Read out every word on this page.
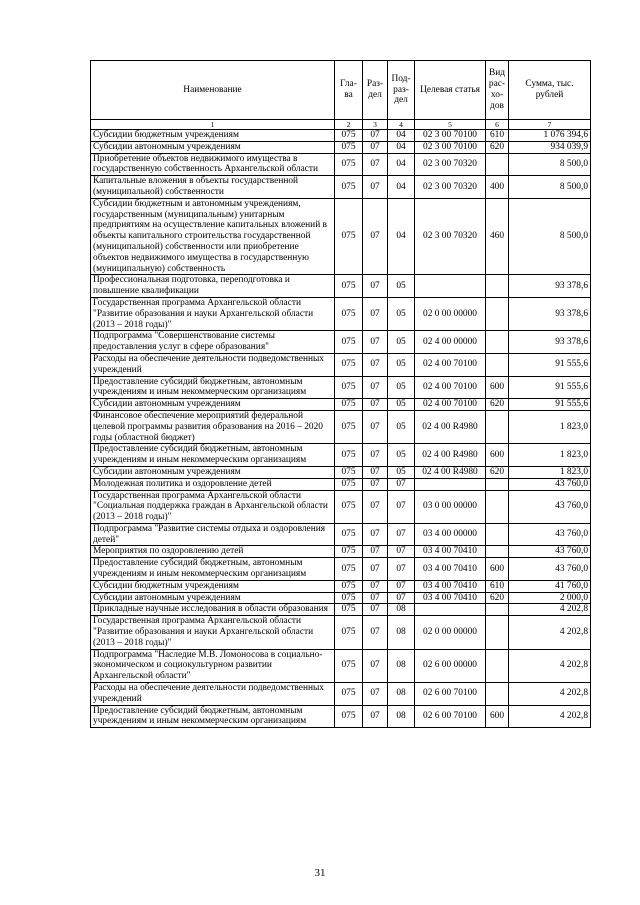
Наименование	Гла-ва	Раз-дел	Под-раз-дел	Целевая статья	Вид рас-хо-дов	Сумма, тыс. рублей
1	2	3	4	5	6	7
Субсидии бюджетным учреждениям	075	07	04	02 3 00 70100	610	1 076 394,6
Субсидии автономным учреждениям	075	07	04	02 3 00 70100	620	934 039,9
Приобретение объектов недвижимого имущества в государственную собственность Архангельской области	075	07	04	02 3 00 70320		8 500,0
Капитальные вложения в объекты государственной (муниципальной) собственности	075	07	04	02 3 00 70320	400	8 500,0
Субсидии бюджетным и автономным учреждениям, государственным (муниципальным) унитарным предприятиям на осуществление капитальных вложений в объекты капитального строительства государственной (муниципальной) собственности или приобретение объектов недвижимого имущества в государственную (муниципальную) собственность	075	07	04	02 3 00 70320	460	8 500,0
Профессиональная подготовка, переподготовка и повышение квалификации	075	07	05			93 378,6
Государственная программа Архангельской области "Развитие образования и науки Архангельской области (2013 – 2018 годы)"	075	07	05	02 0 00 00000		93 378,6
Подпрограмма "Совершенствование системы предоставления услуг в сфере образования"	075	07	05	02 4 00 00000		93 378,6
Расходы на обеспечение деятельности подведомственных учреждений	075	07	05	02 4 00 70100		91 555,6
Предоставление субсидий бюджетным, автономным учреждениям и иным некоммерческим организациям	075	07	05	02 4 00 70100	600	91 555,6
Субсидии автономным учреждениям	075	07	05	02 4 00 70100	620	91 555,6
Финансовое обеспечение мероприятий федеральной целевой программы развития образования на 2016 – 2020 годы (областной бюджет)	075	07	05	02 4 00 R4980		1 823,0
Предоставление субсидий бюджетным, автономным учреждениям и иным некоммерческим организациям	075	07	05	02 4 00 R4980	600	1 823,0
Субсидии автономным учреждениям	075	07	05	02 4 00 R4980	620	1 823,0
Молодежная политика и оздоровление детей	075	07	07			43 760,0
Государственная программа Архангельской области "Социальная поддержка граждан в Архангельской области (2013 – 2018 годы)"	075	07	07	03 0 00 00000		43 760,0
Подпрограмма "Развитие системы отдыха и оздоровления детей"	075	07	07	03 4 00 00000		43 760,0
Мероприятия по оздоровлению детей	075	07	07	03 4 00 70410		43 760,0
Предоставление субсидий бюджетным, автономным учреждениям и иным некоммерческим организациям	075	07	07	03 4 00 70410	600	43 760,0
Субсидии бюджетным учреждениям	075	07	07	03 4 00 70410	610	41 760,0
Субсидии автономным учреждениям	075	07	07	03 4 00 70410	620	2 000,0
Прикладные научные исследования в области образования	075	07	08			4 202,8
Государственная программа Архангельской области "Развитие образования и науки Архангельской области (2013 – 2018 годы)"	075	07	08	02 0 00 00000		4 202,8
Подпрограмма "Наследие М.В. Ломоносова в социально-экономическом и социокультурном развитии Архангельской области"	075	07	08	02 6 00 00000		4 202,8
Расходы на обеспечение деятельности подведомственных учреждений	075	07	08	02 6 00 70100		4 202,8
Предоставление субсидий бюджетным, автономным учреждениям и иным некоммерческим организациям	075	07	08	02 6 00 70100	600	4 202,8
31
